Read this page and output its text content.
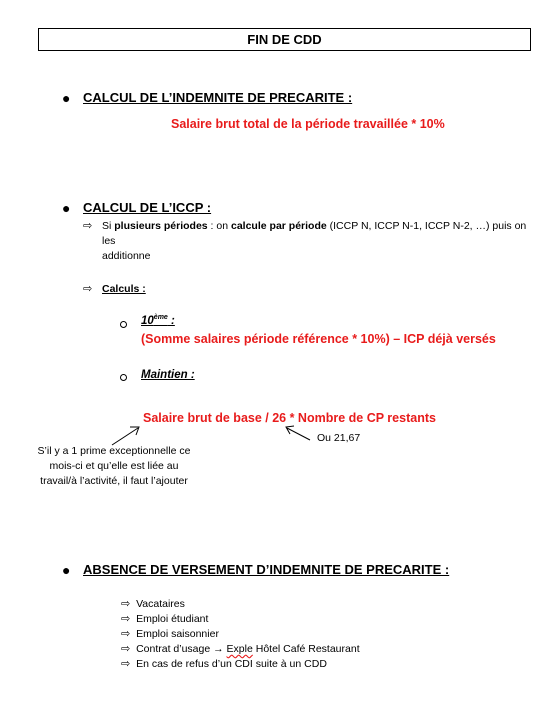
FIN DE CDD
● CALCUL DE L’INDEMNITE DE PRECARITE :
Salaire brut total de la période travaillée * 10%
● CALCUL DE L’ICCP :
⇨ Si plusieurs périodes : on calcule par période (ICCP N, ICCP N-1, ICCP N-2, …) puis on les
additionne
⇨ Calculs :
10ème :
(Somme salaires période référence * 10%) – ICP déjà versés
Maintien :
Salaire brut de base / 26 * Nombre de CP restants
Ou 21,67
S’il y a 1 prime exceptionnelle ce
mois-ci et qu’elle est liée au
travail/à l’activité, il faut l’ajouter
● ABSENCE DE VERSEMENT D’INDEMNITE DE PRECARITE :
⇨ Vacataires
⇨ Emploi étudiant
⇨ Emploi saisonnier
⇨ Contrat d’usage → Exple Hôtel Café Restaurant
⇨ En cas de refus d’un CDI suite à un CDD
